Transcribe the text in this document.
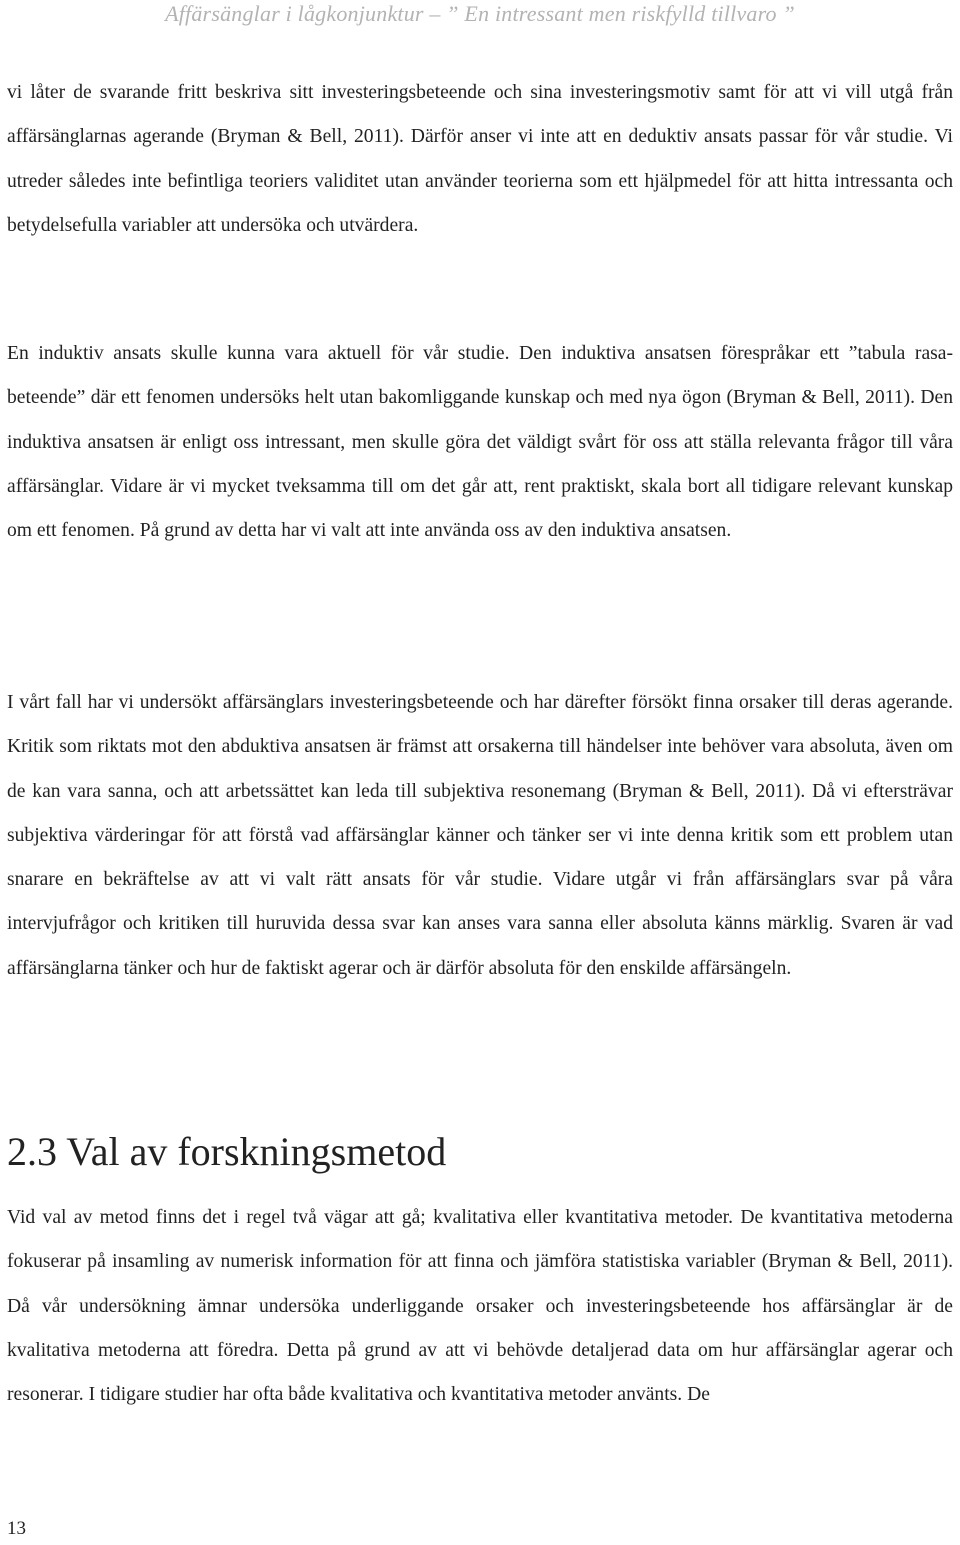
Affärsänglar i lågkonjunktur – ” En intressant men riskfylld tillvaro ”

vi låter de svarande fritt beskriva sitt investeringsbeteende och sina investeringsmotiv samt för att vi vill utgå från affärsänglarnas agerande (Bryman & Bell, 2011). Därför anser vi inte att en deduktiv ansats passar för vår studie. Vi utreder således inte befintliga teoriers validitet utan använder teorierna som ett hjälpmedel för att hitta intressanta och betydelsefulla variabler att undersöka och utvärdera.

En induktiv ansats skulle kunna vara aktuell för vår studie. Den induktiva ansatsen förespråkar ett ”tabula rasa-beteende” där ett fenomen undersöks helt utan bakomliggande kunskap och med nya ögon (Bryman & Bell, 2011). Den induktiva ansatsen är enligt oss intressant, men skulle göra det väldigt svårt för oss att ställa relevanta frågor till våra affärsänglar. Vidare är vi mycket tveksamma till om det går att, rent praktiskt, skala bort all tidigare relevant kunskap om ett fenomen. På grund av detta har vi valt att inte använda oss av den induktiva ansatsen.

I vårt fall har vi undersökt affärsänglars investeringsbeteende och har därefter försökt finna orsaker till deras agerande. Kritik som riktats mot den abduktiva ansatsen är främst att orsakerna till händelser inte behöver vara absoluta, även om de kan vara sanna, och att arbetssättet kan leda till subjektiva resonemang (Bryman & Bell, 2011). Då vi eftersträvar subjektiva värderingar för att förstå vad affärsänglar känner och tänker ser vi inte denna kritik som ett problem utan snarare en bekräftelse av att vi valt rätt ansats för vår studie. Vidare utgår vi från affärsänglars svar på våra intervjufrågor och kritiken till huruvida dessa svar kan anses vara sanna eller absoluta känns märklig. Svaren är vad affärsänglarna tänker och hur de faktiskt agerar och är därför absoluta för den enskilde affärsängeln.

2.3 Val av forskningsmetod

Vid val av metod finns det i regel två vägar att gå; kvalitativa eller kvantitativa metoder. De kvantitativa metoderna fokuserar på insamling av numerisk information för att finna och jämföra statistiska variabler (Bryman & Bell, 2011). Då vår undersökning ämnar undersöka underliggande orsaker och investeringsbeteende hos affärsänglar är de kvalitativa metoderna att föredra. Detta på grund av att vi behövde detaljerad data om hur affärsänglar agerar och resonerar. I tidigare studier har ofta både kvalitativa och kvantitativa metoder använts. De

13
